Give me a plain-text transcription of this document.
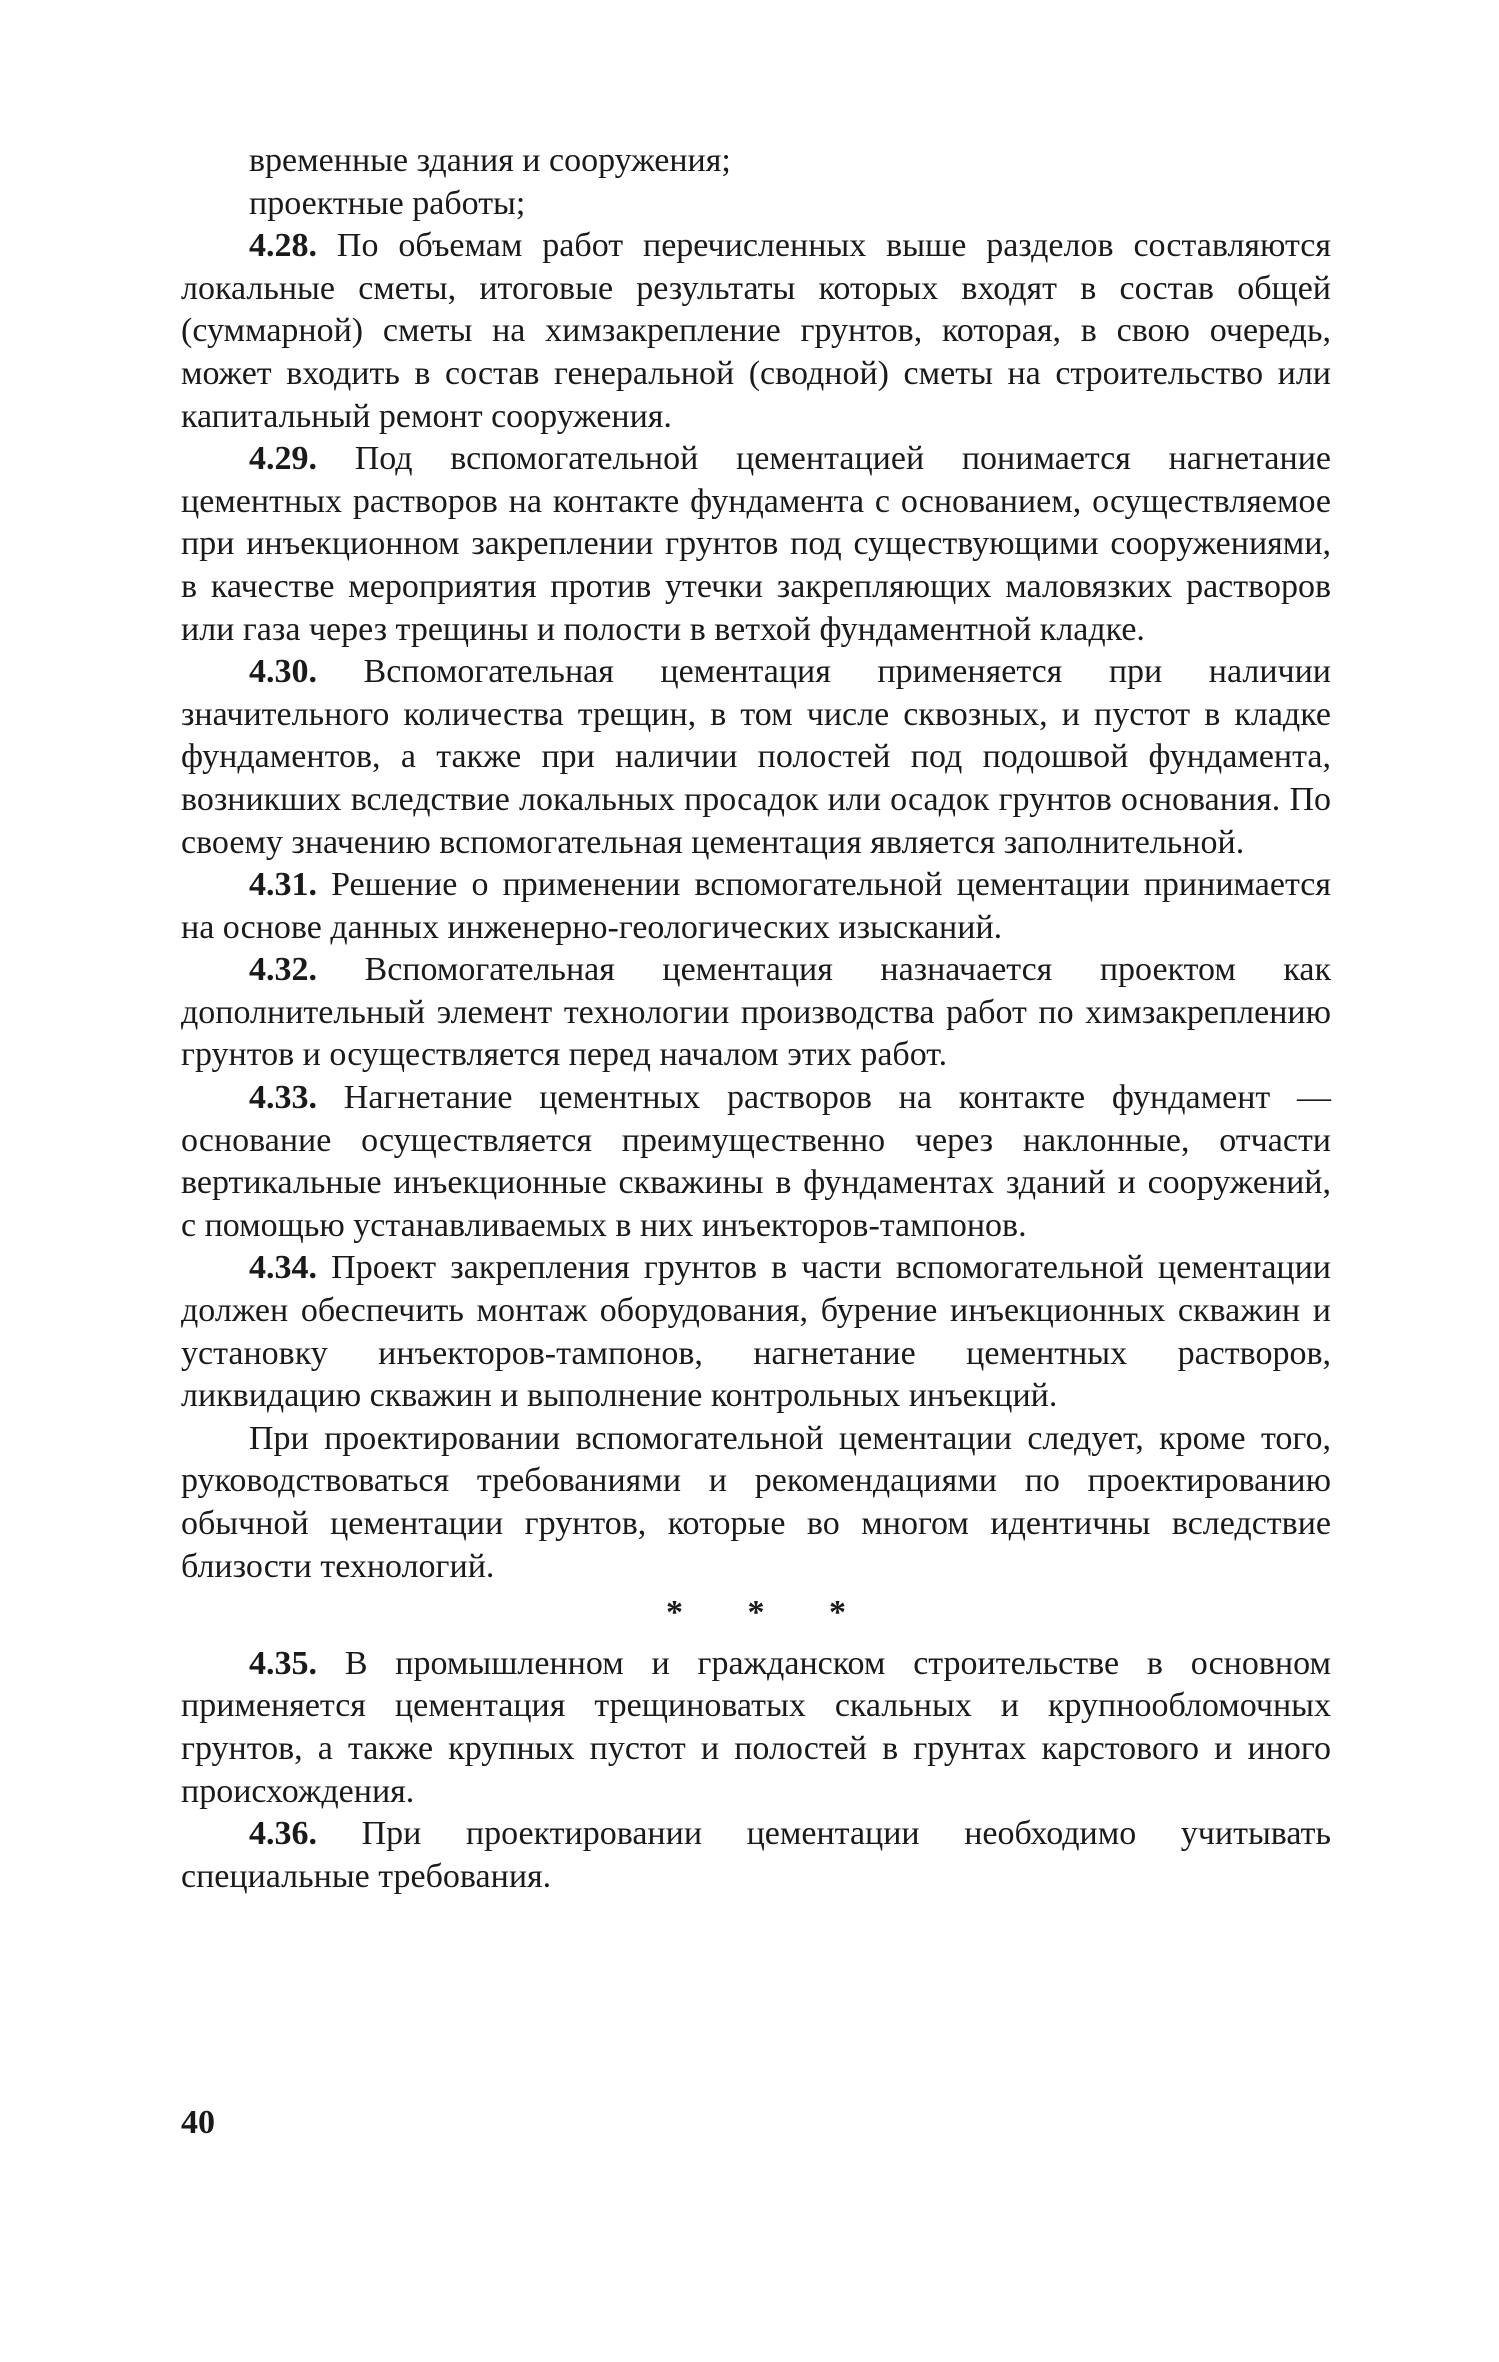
временные здания и сооружения;

проектные работы;

4.28. По объемам работ перечисленных выше разделов составляются локальные сметы, итоговые результаты которых входят в состав общей (суммарной) сметы на химзакрепление грунтов, которая, в свою очередь, может входить в состав генеральной (сводной) сметы на строительство или капитальный ремонт сооружения.

4.29. Под вспомогательной цементацией понимается нагнетание цементных растворов на контакте фундамента с основанием, осуществляемое при инъекционном закреплении грунтов под существующими сооружениями, в качестве мероприятия против утечки закрепляющих маловязких растворов или газа через трещины и полости в ветхой фундаментной кладке.

4.30. Вспомогательная цементация применяется при наличии значительного количества трещин, в том числе сквозных, и пустот в кладке фундаментов, а также при наличии полостей под подошвой фундамента, возникших вследствие локальных просадок или осадок грунтов основания. По своему значению вспомогательная цементация является заполнительной.

4.31. Решение о применении вспомогательной цементации принимается на основе данных инженерно-геологических изысканий.

4.32. Вспомогательная цементация назначается проектом как дополнительный элемент технологии производства работ по химзакреплению грунтов и осуществляется перед началом этих работ.

4.33. Нагнетание цементных растворов на контакте фундамент — основание осуществляется преимущественно через наклонные, отчасти вертикальные инъекционные скважины в фундаментах зданий и сооружений, с помощью устанавливаемых в них инъекторов-тампонов.

4.34. Проект закрепления грунтов в части вспомогательной цементации должен обеспечить монтаж оборудования, бурение инъекционных скважин и установку инъекторов-тампонов, нагнетание цементных растворов, ликвидацию скважин и выполнение контрольных инъекций.

При проектировании вспомогательной цементации следует, кроме того, руководствоваться требованиями и рекомендациями по проектированию обычной цементации грунтов, которые во многом идентичны вследствие близости технологий.

* * *

4.35. В промышленном и гражданском строительстве в основном применяется цементация трещиноватых скальных и крупнообломочных грунтов, а также крупных пустот и полостей в грунтах карстового и иного происхождения.

4.36. При проектировании цементации необходимо учитывать специальные требования.

40
